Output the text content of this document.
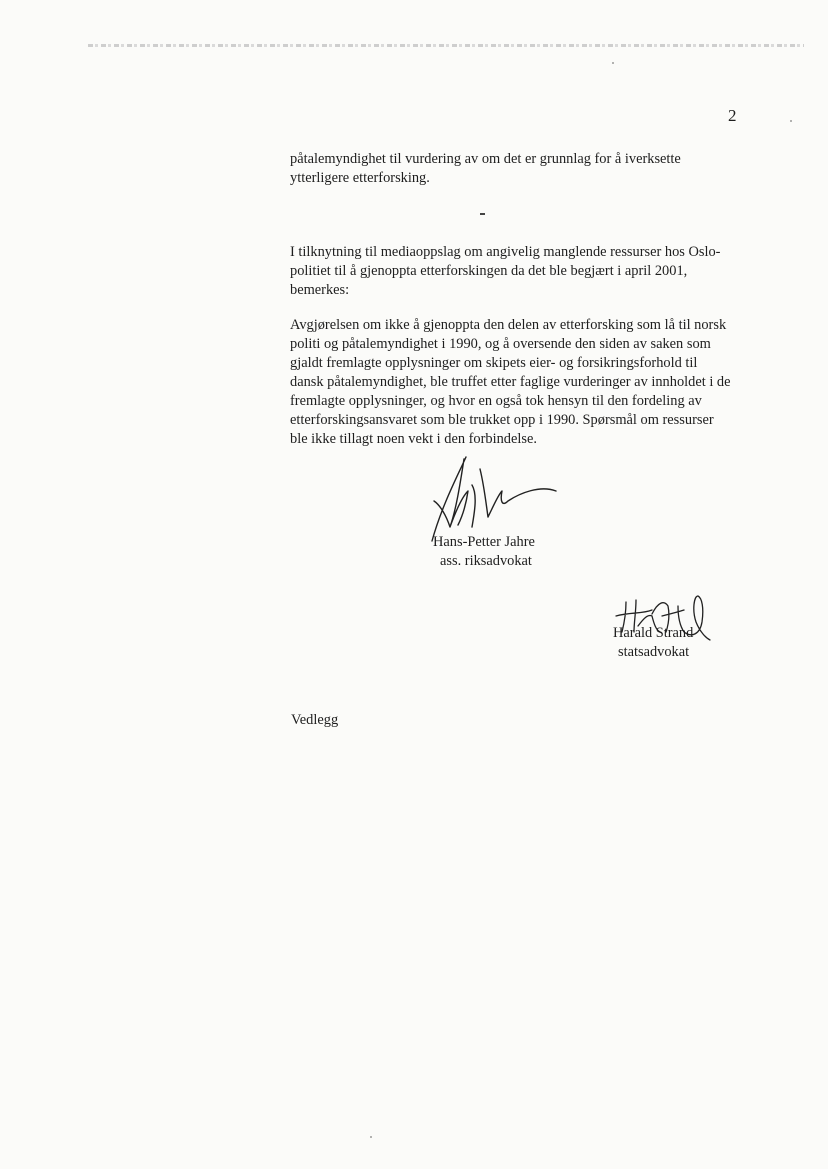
2
påtalemyndighet til vurdering av om det er grunnlag for å iverksette
ytterligere etterforsking.
I tilknytning til mediaoppslag om angivelig manglende ressurser hos Oslo-
politiet til å gjenoppta etterforskingen da det ble begjært i april 2001,
bemerkes:
Avgjørelsen om ikke å gjenoppta den delen av etterforsking som lå til norsk
politi og påtalemyndighet i 1990, og å oversende den siden av saken som
gjaldt fremlagte opplysninger om skipets eier- og forsikringsforhold til
dansk påtalemyndighet, ble truffet etter faglige vurderinger av innholdet i de
fremlagte opplysninger, og hvor en også tok hensyn til den fordeling av
etterforskingsansvaret som ble trukket opp i 1990. Spørsmål om ressurser
ble ikke tillagt noen vekt i den forbindelse.
Hans-Petter Jahre
ass. riksadvokat
Harald Strand
statsadvokat
Vedlegg
